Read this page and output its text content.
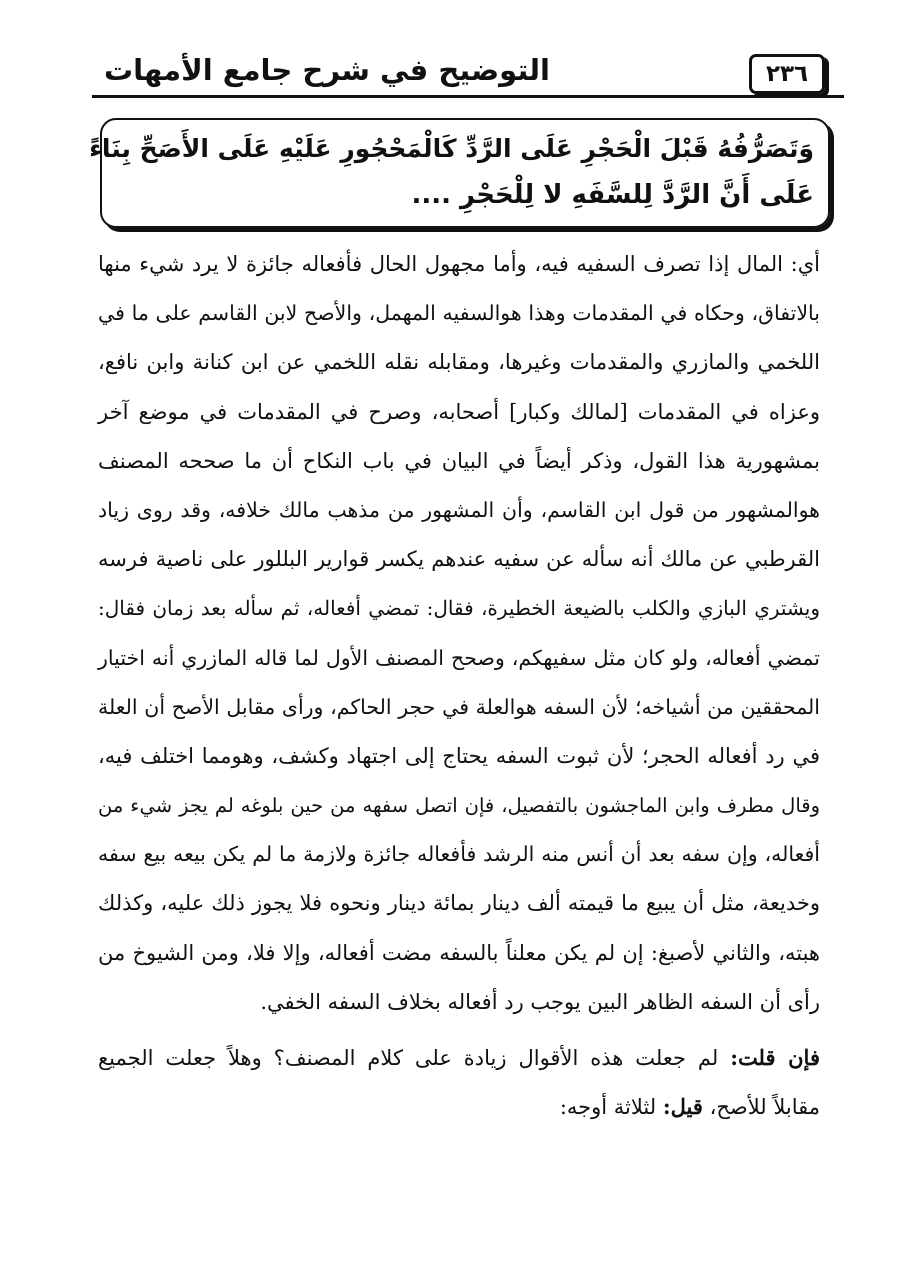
التوضيح في شرح جامع الأمهات	٢٣٦
وَتَصَرُّفُهُ قَبْلَ الْحَجْرِ عَلَى الرَّدِّ كَالْمَحْجُورِ عَلَيْهِ عَلَى الأَصَحِّ بِنَاءً
عَلَى أَنَّ الرَّدَّ لِلسَّفَهِ لا لِلْحَجْرِ ....
أي: المال إذا تصرف السفيه فيه، وأما مجهول الحال فأفعاله جائزة لا يرد شيء منها
بالاتفاق، وحكاه في المقدمات وهذا هوالسفيه المهمل، والأصح لابن القاسم على ما في
اللخمي والمازري والمقدمات وغيرها، ومقابله نقله اللخمي عن ابن كنانة وابن نافع،
وعزاه في المقدمات [لمالك وكبار] أصحابه، وصرح في المقدمات في موضع آخر
بمشهورية هذا القول، وذكر أيضاً في البيان في باب النكاح أن ما صححه المصنف
هوالمشهور من قول ابن القاسم، وأن المشهور من مذهب مالك خلافه، وقد روى زياد
القرطبي عن مالك أنه سأله عن سفيه عندهم يكسر قوارير البللور على ناصية فرسه
ويشتري البازي والكلب بالضيعة الخطيرة، فقال: تمضي أفعاله، ثم سأله بعد زمان فقال:
تمضي أفعاله، ولو كان مثل سفيهكم، وصحح المصنف الأول لما قاله المازري أنه اختيار
المحققين من أشياخه؛ لأن السفه هوالعلة في حجر الحاكم، ورأى مقابل الأصح أن العلة
في رد أفعاله الحجر؛ لأن ثبوت السفه يحتاج إلى اجتهاد وكشف، وهومما اختلف فيه،
وقال مطرف وابن الماجشون بالتفصيل، فإن اتصل سفهه من حين بلوغه لم يجز شيء من
أفعاله، وإن سفه بعد أن أنس منه الرشد فأفعاله جائزة ولازمة ما لم يكن بيعه بيع سفه
وخديعة، مثل أن يبيع ما قيمته ألف دينار بمائة دينار ونحوه فلا يجوز ذلك عليه، وكذلك
هبته، والثاني لأصبغ: إن لم يكن معلناً بالسفه مضت أفعاله، وإلا فلا، ومن الشيوخ من
رأى أن السفه الظاهر البين يوجب رد أفعاله بخلاف السفه الخفي.
فإن قلت: لم جعلت هذه الأقوال زيادة على كلام المصنف؟ وهلاً جعلت الجميع
مقابلاً للأصح، قيل: لثلاثة أوجه:
